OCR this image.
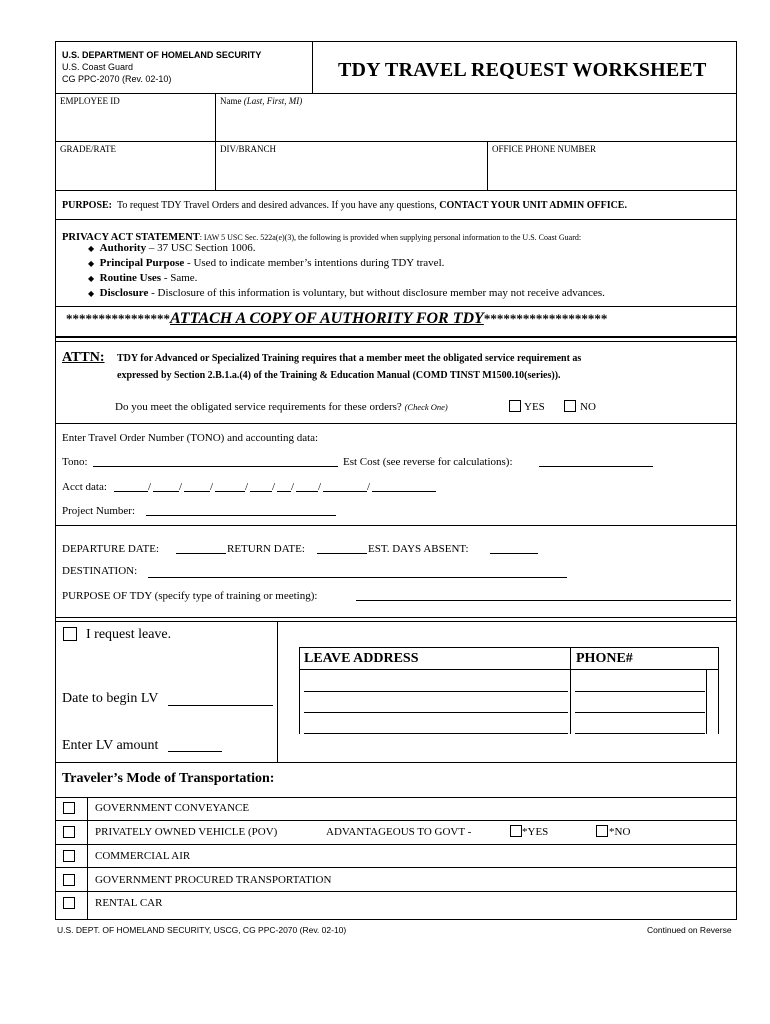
U.S. DEPARTMENT OF HOMELAND SECURITY
U.S. Coast Guard
CG PPC-2070 (Rev. 02-10)	TDY TRAVEL REQUEST WORKSHEET
EMPLOYEE ID	Name (Last, First, MI)
GRADE/RATE	DIV/BRANCH	OFFICE PHONE NUMBER
PURPOSE: To request TDY Travel Orders and desired advances. If you have any questions, CONTACT YOUR UNIT ADMIN OFFICE.
PRIVACY ACT STATEMENT: IAW 5 USC Sec. 522a(e)(3), the following is provided when supplying personal information to the U.S. Coast Guard:
◆ Authority – 37 USC Section 1006.
◆ Principal Purpose - Used to indicate member’s intentions during TDY travel.
◆ Routine Uses - Same.
◆ Disclosure - Disclosure of this information is voluntary, but without disclosure member may not receive advances.
****************ATTACH A COPY OF AUTHORITY FOR TDY*******************
ATTN: TDY for Advanced or Specialized Training requires that a member meet the obligated service requirement as
expressed by Section 2.B.1.a.(4) of the Training & Education Manual (COMD TINST M1500.10(series)).
Do you meet the obligated service requirements for these orders? (Check One)	YES	NO
Enter Travel Order Number (TONO) and accounting data:
Tono:	Est Cost (see reverse for calculations):
Acct data:	/	/	/	/ / / /	/
Project Number:
DEPARTURE DATE:	RETURN DATE:	EST. DAYS ABSENT:
DESTINATION:
PURPOSE OF TDY (specify type of training or meeting):
I request leave.
Date to begin LV
Enter LV amount
LEAVE ADDRESS	PHONE#
Traveler’s Mode of Transportation:
GOVERNMENT CONVEYANCE
PRIVATELY OWNED VEHICLE (POV)	ADVANTAGEOUS TO GOVT -	*YES	*NO
COMMERCIAL AIR
GOVERNMENT PROCURED TRANSPORTATION
RENTAL CAR
U.S. DEPT. OF HOMELAND SECURITY, USCG, CG PPC-2070 (Rev. 02-10)	Continued on Reverse
